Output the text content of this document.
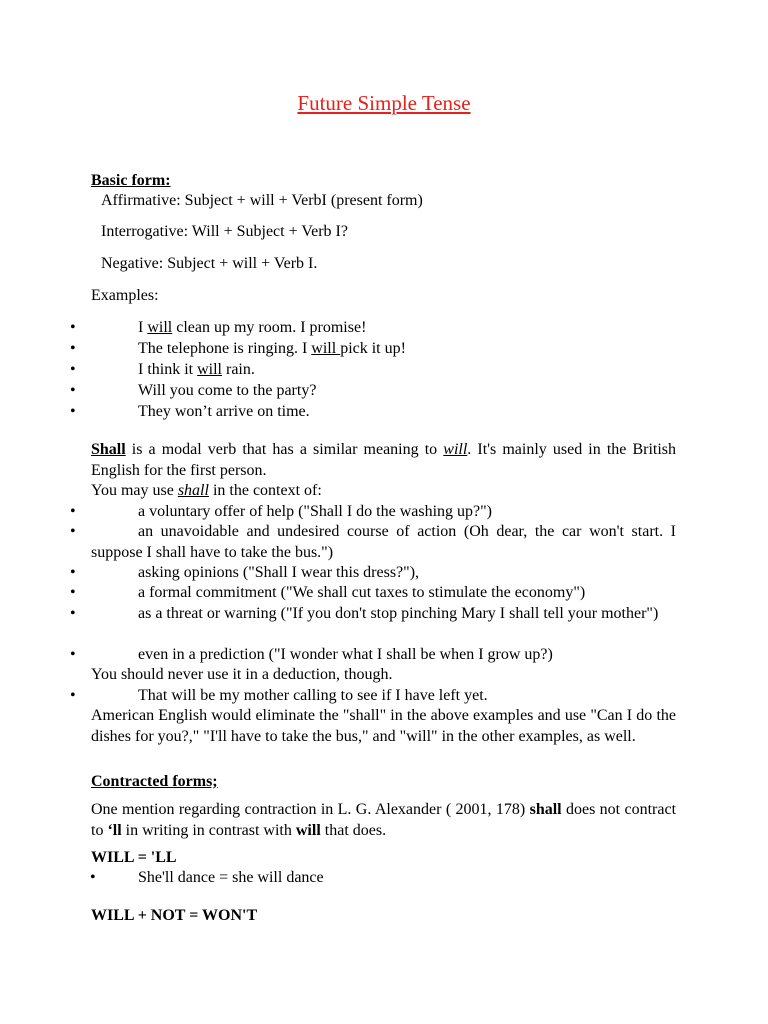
Future Simple Tense
Basic form:
Affirmative: Subject + will + VerbI (present form)
Interrogative: Will + Subject + Verb I?
Negative: Subject + will + Verb I.
Examples:
•	I will clean up my room. I promise!
•	The telephone is ringing. I will pick it up!
•	I think it will rain.
•	Will you come to the party?
•	They won’t arrive on time.
Shall is a modal verb that has a similar meaning to will. It's mainly used in the British English for the first person.
You may use shall in the context of:
•	a voluntary offer of help ("Shall I do the washing up?")
•	an unavoidable and undesired course of action (Oh dear, the car won't start. I suppose I shall have to take the bus.")
•	asking opinions ("Shall I wear this dress?"),
•	a formal commitment ("We shall cut taxes to stimulate the economy")
•	as a threat or warning ("If you don't stop pinching Mary I shall tell your mother")
•	even in a prediction ("I wonder what I shall be when I grow up?)
You should never use it in a deduction, though.
•	That will be my mother calling to see if I have left yet.
American English would eliminate the "shall" in the above examples and use "Can I do the dishes for you?," "I'll have to take the bus," and "will" in the other examples, as well.
Contracted forms;
One mention regarding contraction in L. G. Alexander ( 2001, 178) shall does not contract to ‘ll in writing in contrast with will that does.
WILL = 'LL
•	She'll dance = she will dance
WILL + NOT = WON'T
